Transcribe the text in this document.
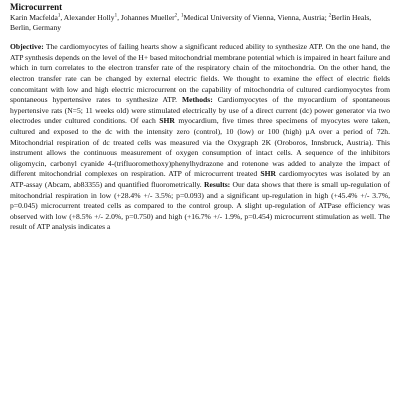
Microcurrent

Karin Macfelda$^1$, Alexander Holly$^1$, Johannes Mueller$^2$, $^1$Medical University of Vienna, Vienna, Austria; $^2$Berlin Heals, Berlin, Germany

Objective: The cardiomyocytes of failing hearts show a significant reduced ability to synthesize ATP. On the one hand, the ATP synthesis depends on the level of the H+ based mitochondrial membrane potential which is impaired in heart failure and which in turn correlates to the electron transfer rate of the respiratory chain of the mitochondria. On the other hand, the electron transfer rate can be changed by external electric fields. We thought to examine the effect of electric fields concomitant with low and high electric microcurrent on the capability of mitochondria of cultured cardiomyocytes from spontaneous hypertensive rates to synthesize ATP. Methods: Cardiomyocytes of the myocardium of spontaneous hypertensive rats (N=5; 11 weeks old) were stimulated electrically by use of a direct current (dc) power generator via two electrodes under cultured conditions. Of each SHR myocardium, five times three specimens of myocytes were taken, cultured and exposed to the dc with the intensity zero (control), 10 (low) or 100 (high) µA over a period of 72h. Mitochondrial respiration of dc treated cells was measured via the Oxygraph 2K (Oroboros, Innsbruck, Austria). This instrument allows the continuous measurement of oxygen consumption of intact cells. A sequence of the inhibitors oligomycin, carbonyl cyanide 4-(trifluoromethoxy)phenylhydrazone and rotenone was added to analyze the impact of different mitochondrial complexes on respiration. ATP of microcurrent treated SHR cardiomyocytes was isolated by an ATP-assay (Abcam, ab83355) and quantified fluorometrically. Results: Our data shows that there is small up-regulation of mitochondrial respiration in low (+28.4% +/- 3.5%; p=0.093) and a significant up-regulation in high (+45.4% +/- 3.7%, p=0.045) microcurrent treated cells as compared to the control group. A slight up-regulation of ATPase efficiency was observed with low (+8.5% +/- 2.0%, p=0.750) and high (+16.7% +/- 1.9%, p=0.454) microcurrent stimulation as well. The result of ATP analysis indicates a
